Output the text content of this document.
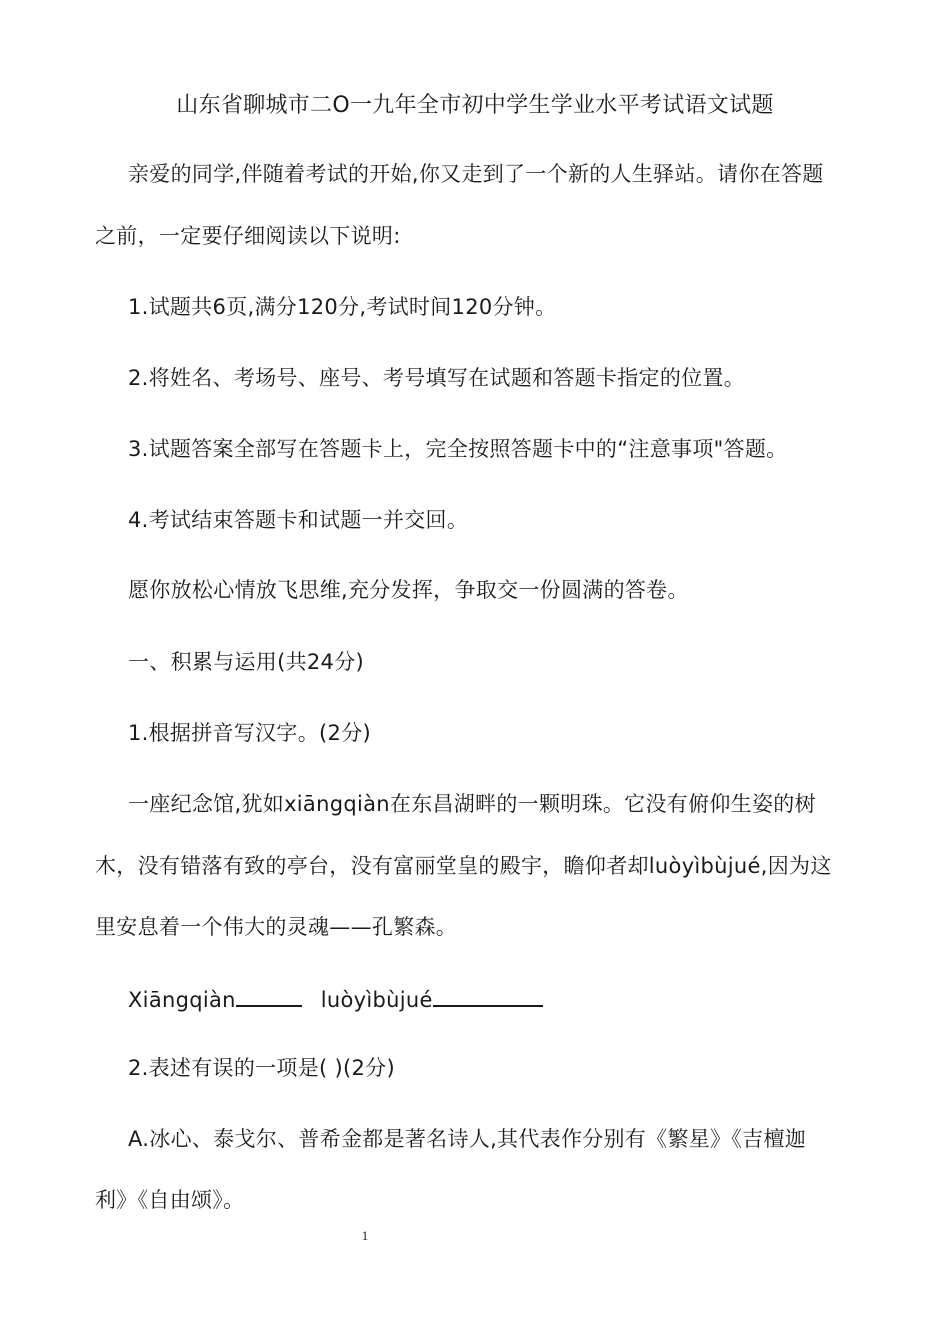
山东省聊城市二O一九年全市初中学生学业水平考试语文试题
亲爱的同学,伴随着考试的开始,你又走到了一个新的人生驿站。请你在答题
之前，一定要仔细阅读以下说明:
1.试题共6页,满分120分,考试时间120分钟。
2.将姓名、考场号、座号、考号填写在试题和答题卡指定的位置。
3.试题答案全部写在答题卡上，完全按照答题卡中的“注意事项"答题。
4.考试结束答题卡和试题一并交回。
愿你放松心情放飞思维,充分发挥，争取交一份圆满的答卷。
一、积累与运用(共24分)
1.根据拼音写汉字。(2分)
一座纪念馆,犹如xiāngqiàn在东昌湖畔的一颗明珠。它没有俯仰生姿的树
木，没有错落有致的亭台，没有富丽堂皇的殿宇，瞻仰者却luòyìbùjué,因为这
里安息着一个伟大的灵魂——孔繁森。
Xiāngqiàn	luòyìbùjué
2.表述有误的一项是( )(2分)
A.冰心、泰戈尔、普希金都是著名诗人,其代表作分别有《繁星》《吉檀迦
利》《自由颂》。
1
